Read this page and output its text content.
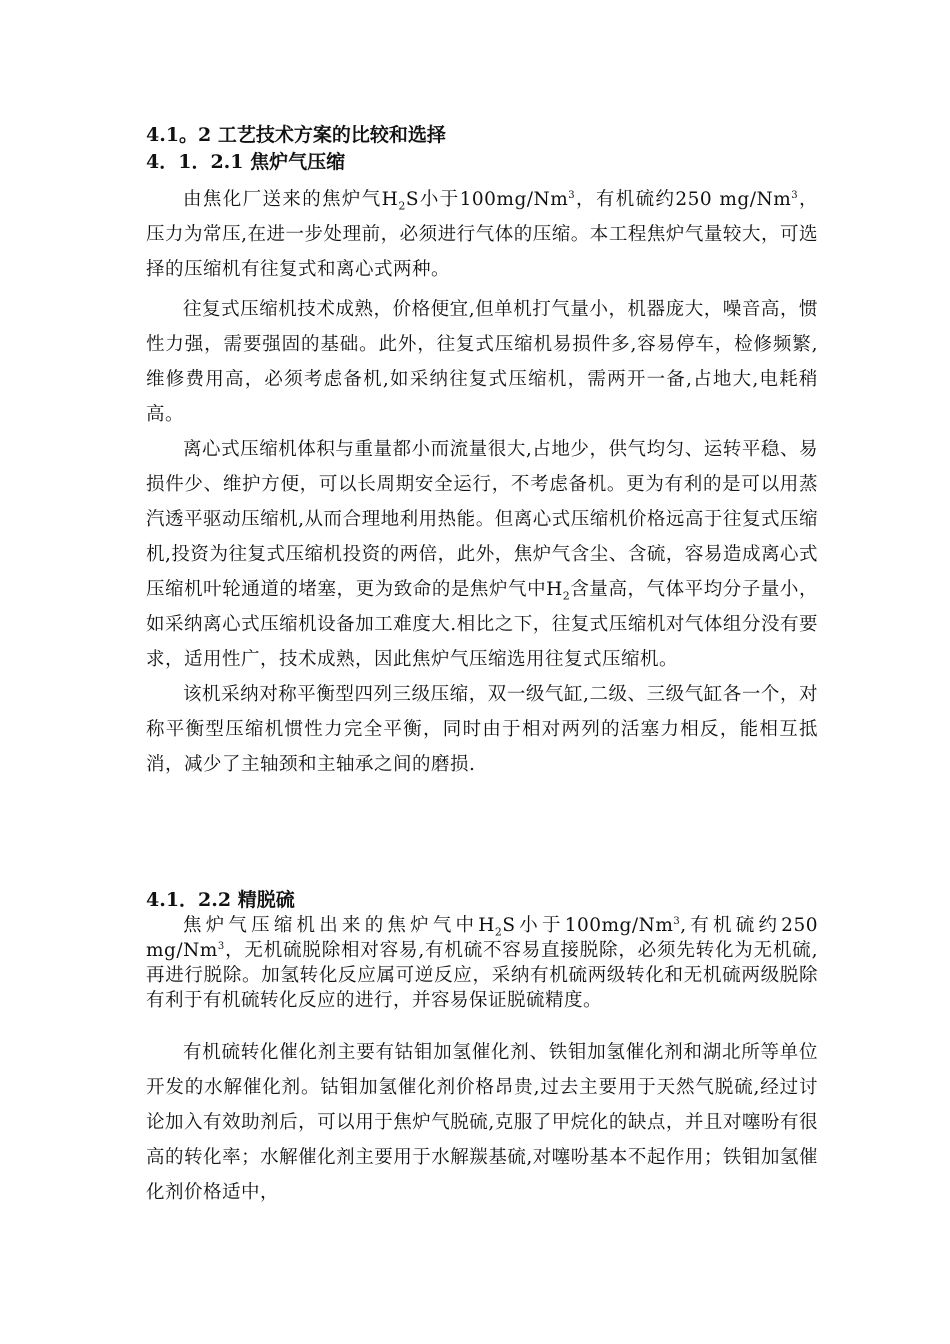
4.1。2 工艺技术方案的比较和选择

4．1．2.1 焦炉气压缩

由焦化厂送来的焦炉气$H_2S$小于100mg/Nm$^3$，有机硫约250 mg/Nm$^3$，压力为常压,在进一步处理前，必须进行气体的压缩。本工程焦炉气量较大，可选择的压缩机有往复式和离心式两种。

往复式压缩机技术成熟，价格便宜,但单机打气量小，机器庞大，噪音高，惯性力强，需要强固的基础。此外，往复式压缩机易损件多,容易停车，检修频繁,维修费用高，必须考虑备机,如采纳往复式压缩机，需两开一备,占地大,电耗稍高。

离心式压缩机体积与重量都小而流量很大,占地少，供气均匀、运转平稳、易损件少、维护方便，可以长周期安全运行，不考虑备机。更为有利的是可以用蒸汽透平驱动压缩机,从而合理地利用热能。但离心式压缩机价格远高于往复式压缩机,投资为往复式压缩机投资的两倍，此外，焦炉气含尘、含硫，容易造成离心式压缩机叶轮通道的堵塞，更为致命的是焦炉气中$H_2$含量高，气体平均分子量小，如采纳离心式压缩机设备加工难度大.相比之下，往复式压缩机对气体组分没有要求，适用性广，技术成熟，因此焦炉气压缩选用往复式压缩机。

该机采纳对称平衡型四列三级压缩，双一级气缸,二级、三级气缸各一个，对称平衡型压缩机惯性力完全平衡，同时由于相对两列的活塞力相反，能相互抵消，减少了主轴颈和主轴承之间的磨损.

4.1．2.2 精脱硫

焦炉气压缩机出来的焦炉气中$H_2S$小于100mg/Nm$^3$,有机硫约250 mg/Nm$^3$，无机硫脱除相对容易,有机硫不容易直接脱除，必须先转化为无机硫,再进行脱除。加氢转化反应属可逆反应，采纳有机硫两级转化和无机硫两级脱除有利于有机硫转化反应的进行，并容易保证脱硫精度。

有机硫转化催化剂主要有钴钼加氢催化剂、铁钼加氢催化剂和湖北所等单位开发的水解催化剂。钴钼加氢催化剂价格昂贵,过去主要用于天然气脱硫,经过讨论加入有效助剂后，可以用于焦炉气脱硫,克服了甲烷化的缺点，并且对噻吩有很高的转化率；水解催化剂主要用于水解羰基硫,对噻吩基本不起作用；铁钼加氢催化剂价格适中，
